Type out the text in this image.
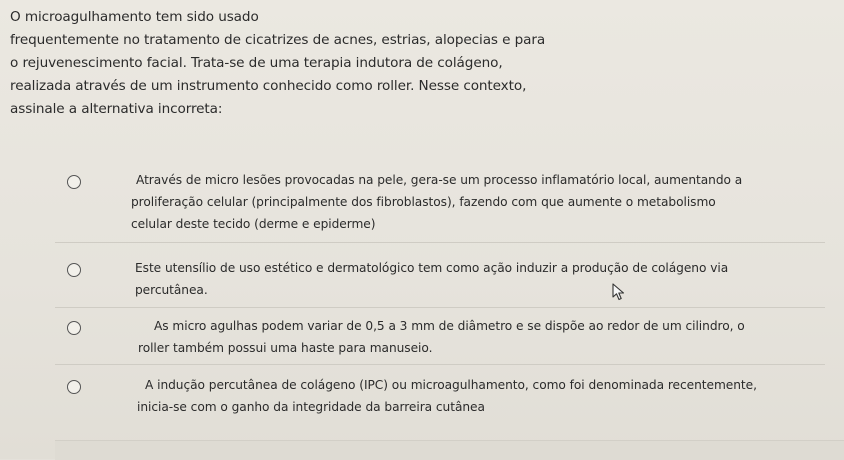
O microagulhamento tem sido usado
frequentemente no tratamento de cicatrizes de acnes, estrias, alopecias e para
o rejuvenescimento facial. Trata-se de uma terapia indutora de colágeno,
realizada através de um instrumento conhecido como roller. Nesse contexto,
assinale a alternativa incorreta:
Através de micro lesões provocadas na pele, gera-se um processo inflamatório local, aumentando a
proliferação celular (principalmente dos fibroblastos), fazendo com que aumente o metabolismo
celular deste tecido (derme e epiderme)
Este utensílio de uso estético e dermatológico tem como ação induzir a produção de colágeno via
percutânea.
As micro agulhas podem variar de 0,5 a 3 mm de diâmetro e se dispõe ao redor de um cilindro, o
roller também possui uma haste para manuseio.
A indução percutânea de colágeno (IPC) ou microagulhamento, como foi denominada recentemente,
inicia-se com o ganho da integridade da barreira cutânea
